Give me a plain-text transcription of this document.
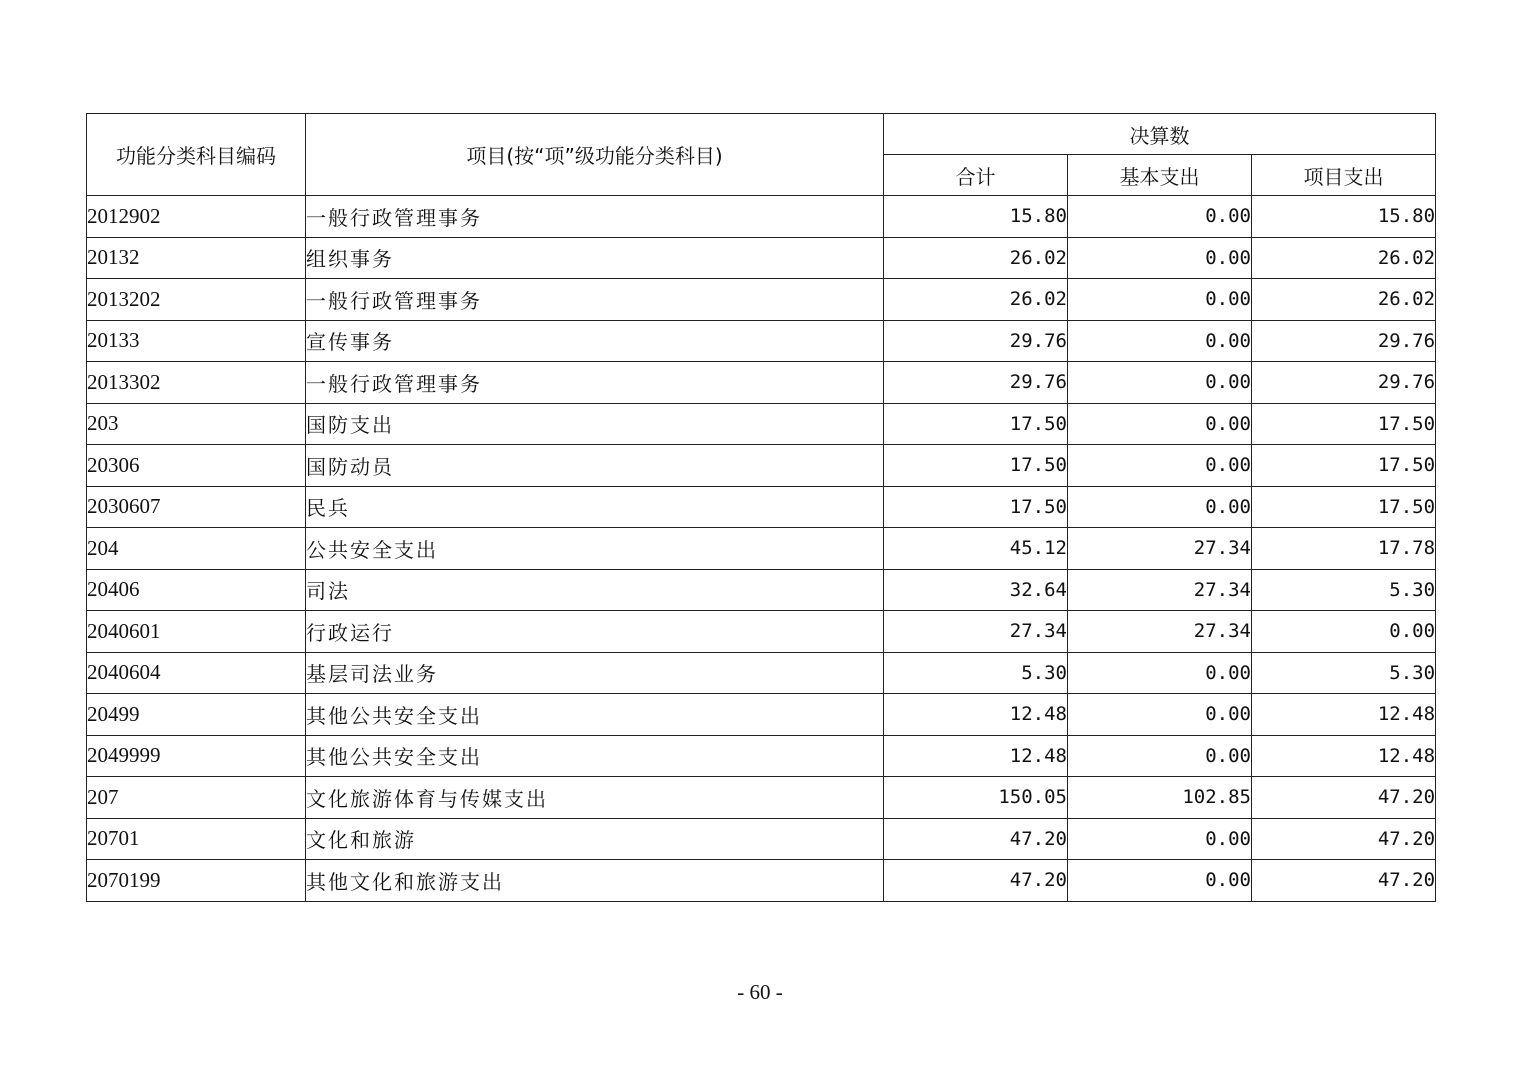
功能分类科目编码	项目(按“项”级功能分类科目)	决算数		
		合计	基本支出	项目支出
2012902	一般行政管理事务	15.80	0.00	15.80
20132	组织事务	26.02	0.00	26.02
2013202	一般行政管理事务	26.02	0.00	26.02
20133	宣传事务	29.76	0.00	29.76
2013302	一般行政管理事务	29.76	0.00	29.76
203	国防支出	17.50	0.00	17.50
20306	国防动员	17.50	0.00	17.50
2030607	民兵	17.50	0.00	17.50
204	公共安全支出	45.12	27.34	17.78
20406	司法	32.64	27.34	5.30
2040601	行政运行	27.34	27.34	0.00
2040604	基层司法业务	5.30	0.00	5.30
20499	其他公共安全支出	12.48	0.00	12.48
2049999	其他公共安全支出	12.48	0.00	12.48
207	文化旅游体育与传媒支出	150.05	102.85	47.20
20701	文化和旅游	47.20	0.00	47.20
2070199	其他文化和旅游支出	47.20	0.00	47.20
- 60 -
